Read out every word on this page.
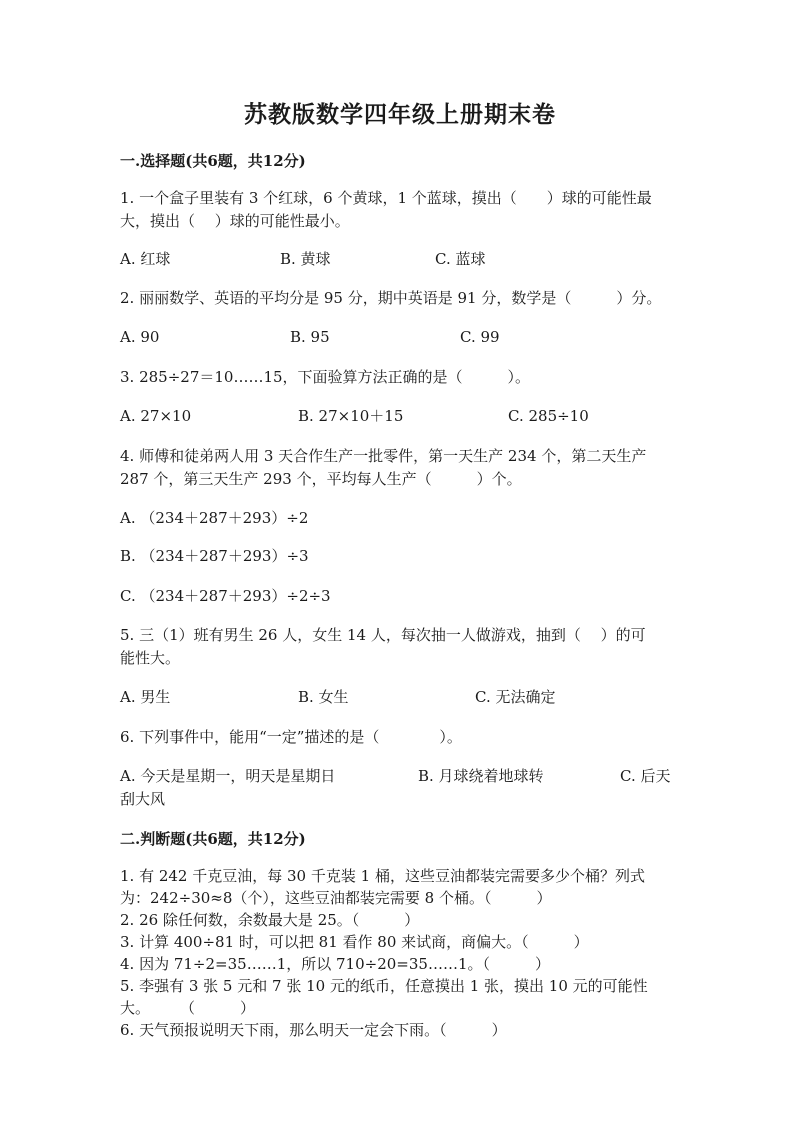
苏教版数学四年级上册期末卷
一.选择题(共6题，共12分)
1. 一个盒子里装有 3 个红球，6 个黄球，1 个蓝球，摸出（　　）球的可能性最
大，摸出（　 ）球的可能性最小。
A. 红球	B. 黄球	C. 蓝球
2. 丽丽数学、英语的平均分是 95 分，期中英语是 91 分，数学是（　　　）分。
A. 90	B. 95	C. 99
3. 285÷27＝10……15，下面验算方法正确的是（　　　）。
A. 27×10	B. 27×10＋15	C. 285÷10
4. 师傅和徒弟两人用 3 天合作生产一批零件，第一天生产 234 个，第二天生产
287 个，第三天生产 293 个，平均每人生产（　　　）个。
A. （234＋287＋293）÷2
B. （234＋287＋293）÷3
C. （234＋287＋293）÷2÷3
5. 三（1）班有男生 26 人，女生 14 人，每次抽一人做游戏，抽到（　 ）的可
能性大。
A. 男生	B. 女生	C. 无法确定
6. 下列事件中，能用“一定”描述的是（　　　　）。
A. 今天是星期一，明天是星期日	B. 月球绕着地球转	C. 后天
刮大风
二.判断题(共6题，共12分)
1. 有 242 千克豆油，每 30 千克装 1 桶，这些豆油都装完需要多少个桶？列式
为：242÷30≈8（个），这些豆油都装完需要 8 个桶。（　　　）
2. 26 除任何数，余数最大是 25。（　　　）
3. 计算 400÷81 时，可以把 81 看作 80 来试商，商偏大。（　　　）
4. 因为 71÷2=35……1，所以 710÷20=35……1。（　　　）
5. 李强有 3 张 5 元和 7 张 10 元的纸币，任意摸出 1 张，摸出 10 元的可能性
大。　　　（　　　）
6. 天气预报说明天下雨，那么明天一定会下雨。（　　　）
